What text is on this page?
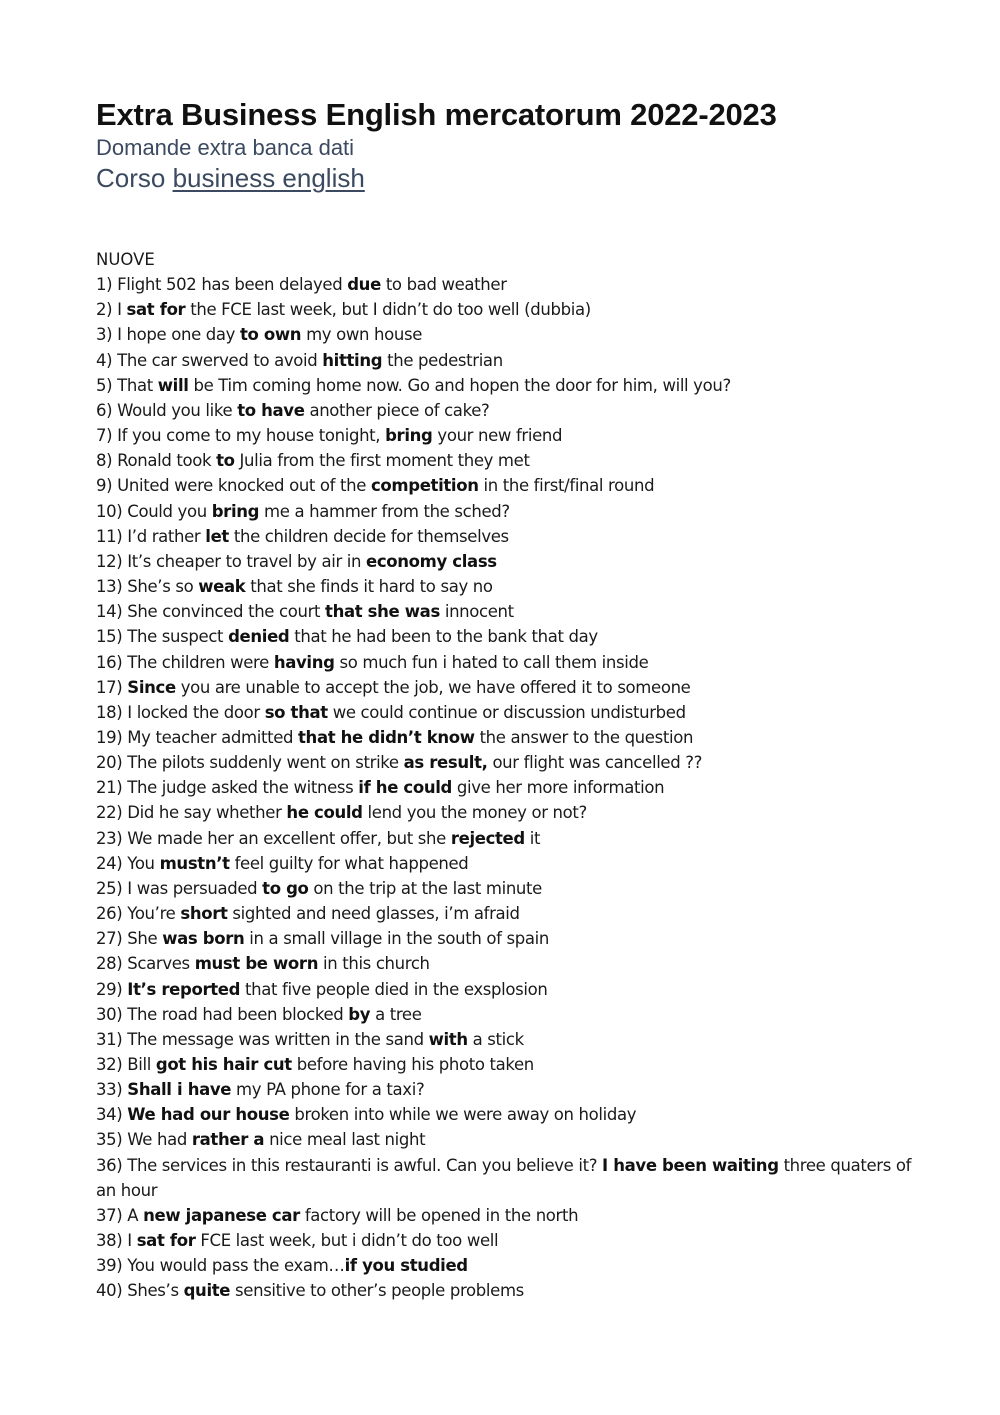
Extra Business English mercatorum 2022-2023
Domande extra banca dati
Corso business english
NUOVE
1) Flight 502 has been delayed due to bad weather
2) I sat for the FCE last week, but I didn’t do too well (dubbia)
3) I hope one day to own my own house
4) The car swerved to avoid hitting the pedestrian
5) That will be Tim coming home now. Go and hopen the door for him, will you?
6) Would you like to have another piece of cake?
7) If you come to my house tonight, bring your new friend
8) Ronald took to Julia from the first moment they met
9) United were knocked out of the competition in the first/final round
10) Could you bring me a hammer from the sched?
11) I’d rather let the children decide for themselves
12) It’s cheaper to travel by air in economy class
13) She’s so weak that she finds it hard to say no
14) She convinced the court that she was innocent
15) The suspect denied that he had been to the bank that day
16) The children were having so much fun i hated to call them inside
17) Since you are unable to accept the job, we have offered it to someone
18) I locked the door so that we could continue or discussion undisturbed
19) My teacher admitted that he didn’t know the answer to the question
20) The pilots suddenly went on strike as result, our flight was cancelled ??
21) The judge asked the witness if he could give her more information
22) Did he say whether he could lend you the money or not?
23) We made her an excellent offer, but she rejected it
24) You mustn’t feel guilty for what happened
25) I was persuaded to go on the trip at the last minute
26) You’re short sighted and need glasses, i’m afraid
27) She was born in a small village in the south of spain
28) Scarves must be worn in this church
29) It’s reported that five people died in the exsplosion
30) The road had been blocked by a tree
31) The message was written in the sand with a stick
32) Bill got his hair cut before having his photo taken
33) Shall i have my PA phone for a taxi?
34) We had our house broken into while we were away on holiday
35) We had rather a nice meal last night
36) The services in this restauranti is awful. Can you believe it? I have been waiting three quaters of an hour
37) A new japanese car factory will be opened in the north
38) I sat for FCE last week, but i didn’t do too well
39) You would pass the exam…if you studied
40) Shes’s quite sensitive to other’s people problems
